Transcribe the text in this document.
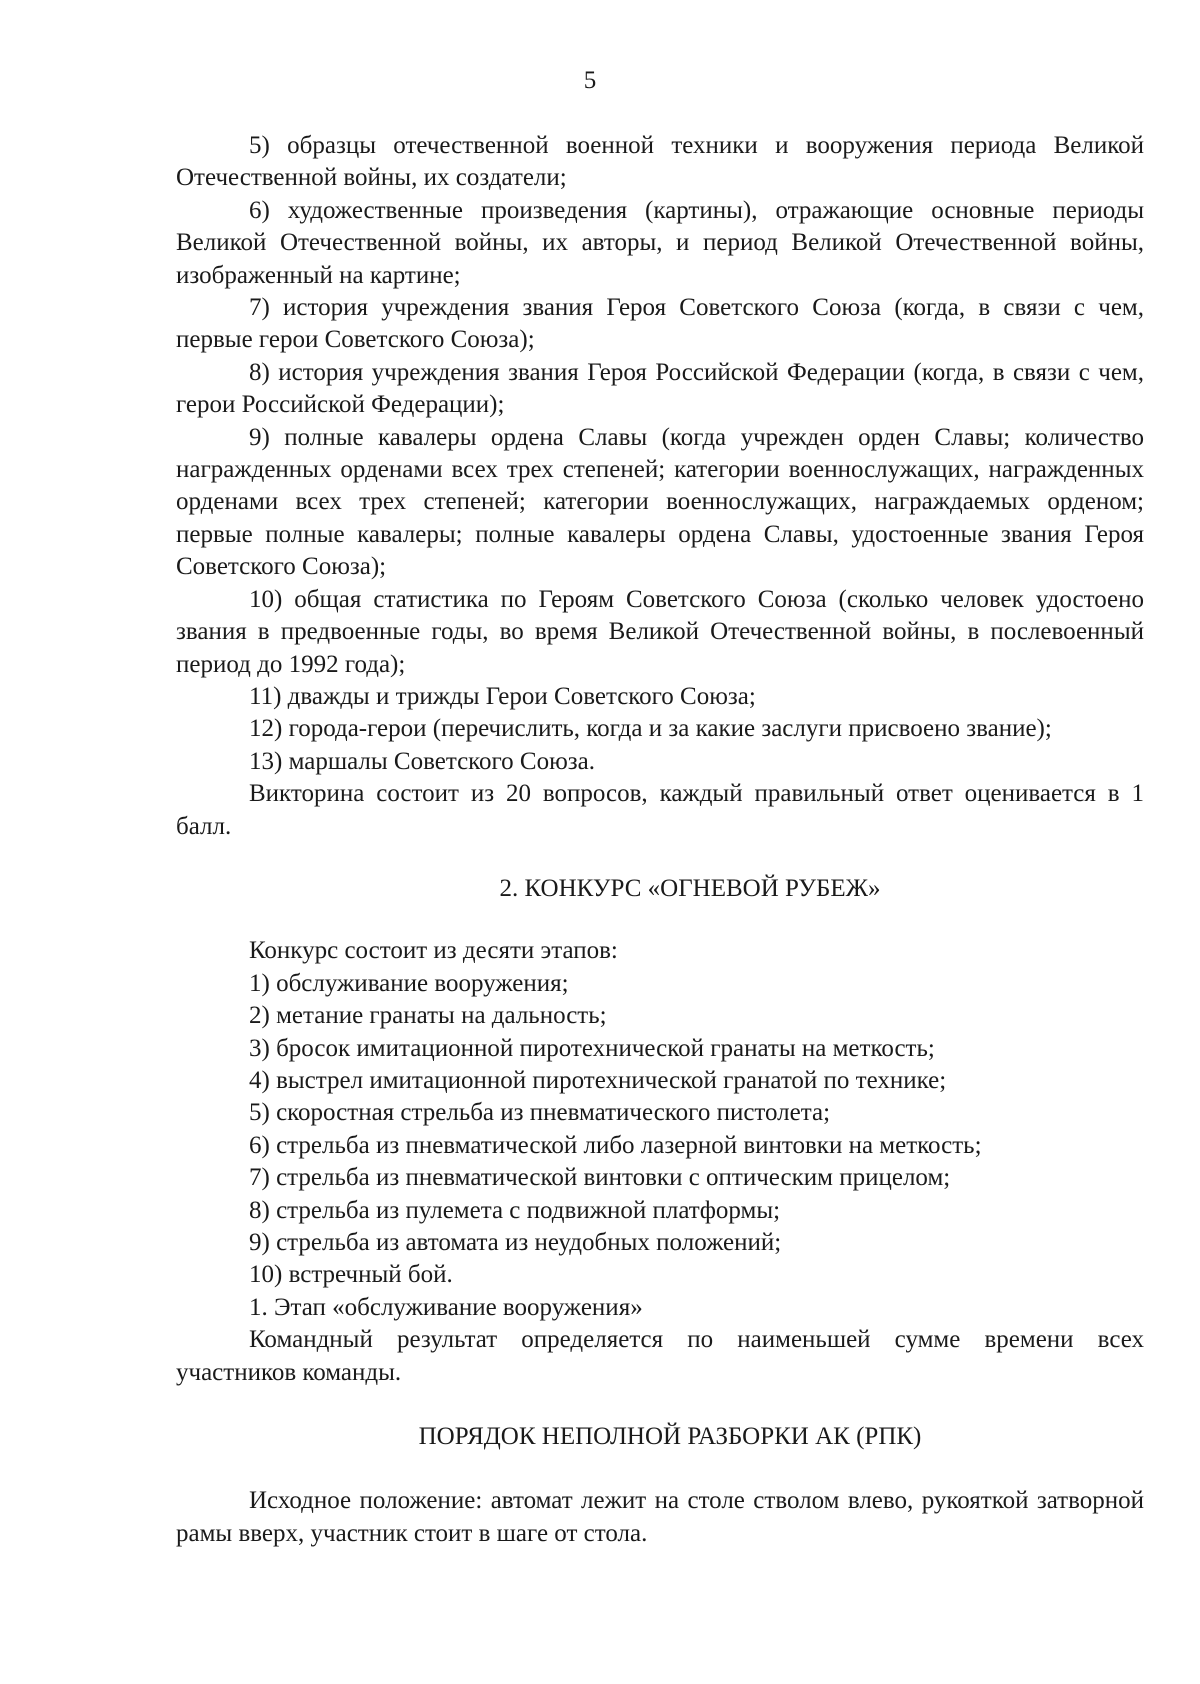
5

5) образцы отечественной военной техники и вооружения периода Великой Отечественной войны, их создатели;

6) художественные произведения (картины), отражающие основные периоды Великой Отечественной войны, их авторы, и период Великой Отечественной войны, изображенный на картине;

7) история учреждения звания Героя Советского Союза (когда, в связи с чем, первые герои Советского Союза);

8) история учреждения звания Героя Российской Федерации (когда, в связи с чем, герои Российской Федерации);

9) полные кавалеры ордена Славы (когда учрежден орден Славы; количество награжденных орденами всех трех степеней; категории военнослужащих, награжденных орденами всех трех степеней; категории военнослужащих, награждаемых орденом; первые полные кавалеры; полные кавалеры ордена Славы, удостоенные звания Героя Советского Союза);

10) общая статистика по Героям Советского Союза (сколько человек удостоено звания в предвоенные годы, во время Великой Отечественной войны, в послевоенный период до 1992 года);

11) дважды и трижды Герои Советского Союза;

12) города-герои (перечислить, когда и за какие заслуги присвоено звание);

13) маршалы Советского Союза.

Викторина состоит из 20 вопросов, каждый правильный ответ оценивается в 1 балл.

2. КОНКУРС «ОГНЕВОЙ РУБЕЖ»

Конкурс состоит из десяти этапов:

1) обслуживание вооружения;

2) метание гранаты на дальность;

3) бросок имитационной пиротехнической гранаты на меткость;

4) выстрел имитационной пиротехнической гранатой по технике;

5) скоростная стрельба из пневматического пистолета;

6) стрельба из пневматической либо лазерной винтовки на меткость;

7) стрельба из пневматической винтовки с оптическим прицелом;

8) стрельба из пулемета с подвижной платформы;

9) стрельба из автомата из неудобных положений;

10) встречный бой.

1. Этап «обслуживание вооружения»

Командный результат определяется по наименьшей сумме времени всех участников команды.

ПОРЯДОК НЕПОЛНОЙ РАЗБОРКИ АК (РПК)

Исходное положение: автомат лежит на столе стволом влево, рукояткой затворной рамы вверх, участник стоит в шаге от стола.
